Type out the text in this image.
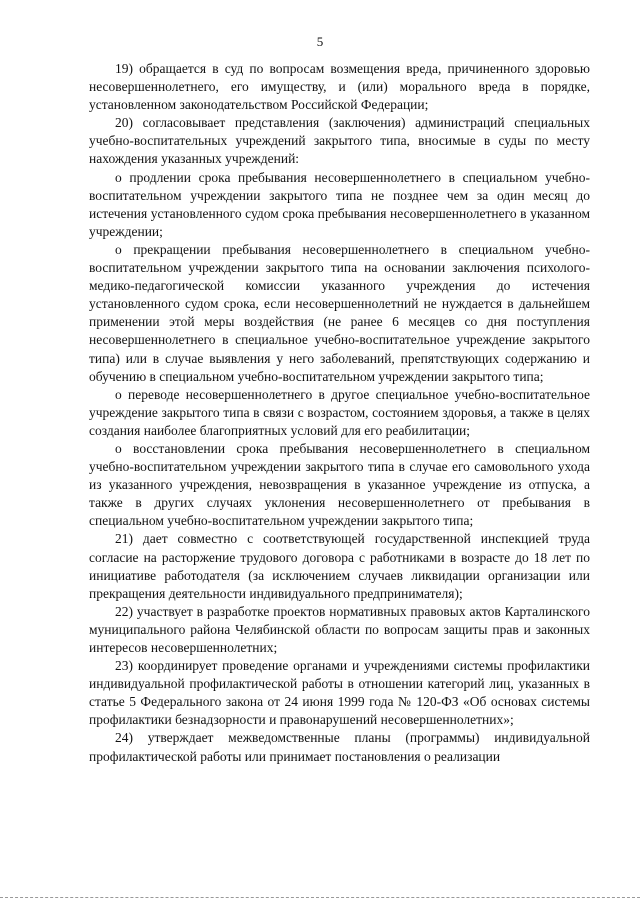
5

19) обращается в суд по вопросам возмещения вреда, причиненного здоровью несовершеннолетнего, его имуществу, и (или) морального вреда в порядке, установленном законодательством Российской Федерации;

20) согласовывает представления (заключения) администраций специальных учебно-воспитательных учреждений закрытого типа, вносимые в суды по месту нахождения указанных учреждений:

о продлении срока пребывания несовершеннолетнего в специальном учебно-воспитательном учреждении закрытого типа не позднее чем за один месяц до истечения установленного судом срока пребывания несовершеннолетнего в указанном учреждении;

о прекращении пребывания несовершеннолетнего в специальном учебно-воспитательном учреждении закрытого типа на основании заключения психолого-медико-педагогической комиссии указанного учреждения до истечения установленного судом срока, если несовершеннолетний не нуждается в дальнейшем применении этой меры воздействия (не ранее 6 месяцев со дня поступления несовершеннолетнего в специальное учебно-воспитательное учреждение закрытого типа) или в случае выявления у него заболеваний, препятствующих содержанию и обучению в специальном учебно-воспитательном учреждении закрытого типа;

о переводе несовершеннолетнего в другое специальное учебно-воспитательное учреждение закрытого типа в связи с возрастом, состоянием здоровья, а также в целях создания наиболее благоприятных условий для его реабилитации;

о восстановлении срока пребывания несовершеннолетнего в специальном учебно-воспитательном учреждении закрытого типа в случае его самовольного ухода из указанного учреждения, невозвращения в указанное учреждение из отпуска, а также в других случаях уклонения несовершеннолетнего от пребывания в специальном учебно-воспитательном учреждении закрытого типа;

21) дает совместно с соответствующей государственной инспекцией труда согласие на расторжение трудового договора с работниками в возрасте до 18 лет по инициативе работодателя (за исключением случаев ликвидации организации или прекращения деятельности индивидуального предпринимателя);

22) участвует в разработке проектов нормативных правовых актов Карталинского муниципального района Челябинской области по вопросам защиты прав и законных интересов несовершеннолетних;

23) координирует проведение органами и учреждениями системы профилактики индивидуальной профилактической работы в отношении категорий лиц, указанных в статье 5 Федерального закона от 24 июня 1999 года № 120-ФЗ «Об основах системы профилактики безнадзорности и правонарушений несовершеннолетних»;

24) утверждает межведомственные планы (программы) индивидуальной профилактической работы или принимает постановления о реализации
